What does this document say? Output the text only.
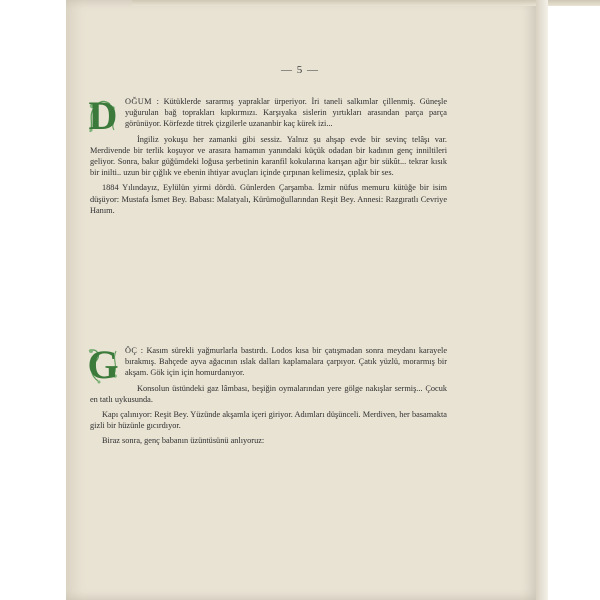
— 5 —
D OĞUM : Kütüklerde sararmış yapraklar ürperiyor. İri taneli salkımlar çillenmiş. Güneşle yuğurulan bağ toprakları kıpkırmızı. Karşıyaka sislerin yırtıkları arasından parça parça görünüyor. Körfezde titrek çizgilerle uzananbir kaç kürek izi...

İngiliz yokuşu her zamanki gibi sessiz. Yalnız şu ahşap evde bir sevinç telâşı var. Merdivende bir terlik koşuyor ve arasıra hamamın yanındaki küçük odadan bir kadının genç inniltileri geliyor. Sonra, bakır güğümdeki loğusa şerbetinin karanfil kokularına karışan ağır bir sükût... tekrar kısık bir inilti.. uzun bir çığlık ve ebenin ihtiyar avuçları içinde çırpınan kelimesiz, çıplak bir ses.

1884 Yılındayız, Eylülün yirmi dördü. Günlerden Çarşamba. İzmir nüfus memuru kütüğe bir isim düşüyor: Mustafa İsmet Bey. Babası: Malatyalı, Kürümoğullarından Reşit Bey. Annesi: Razgıratlı Cevriye Hanım.

G ÖÇ : Kasım sürekli yağmurlarla bastırdı. Lodos kısa bir çatışmadan sonra meydanı karayele bırakmış. Bahçede ayva ağacının ıslak dalları kaplamalara çarpıyor. Çatık yüzlü, morarmış bir akşam. Gök için için homurdanıyor.

Konsolun üstündeki gaz lâmbası, beşiğin oymalarından yere gölge nakışlar sermiş... Çocuk en tatlı uykusunda.

Kapı çalınıyor: Reşit Bey. Yüzünde akşamla içeri giriyor. Adımları düşünceli. Merdiven, her basamakta gizli bir hüzünle gıcırdıyor.

Biraz sonra, genç babanın üzüntüsünü anlıyoruz:
